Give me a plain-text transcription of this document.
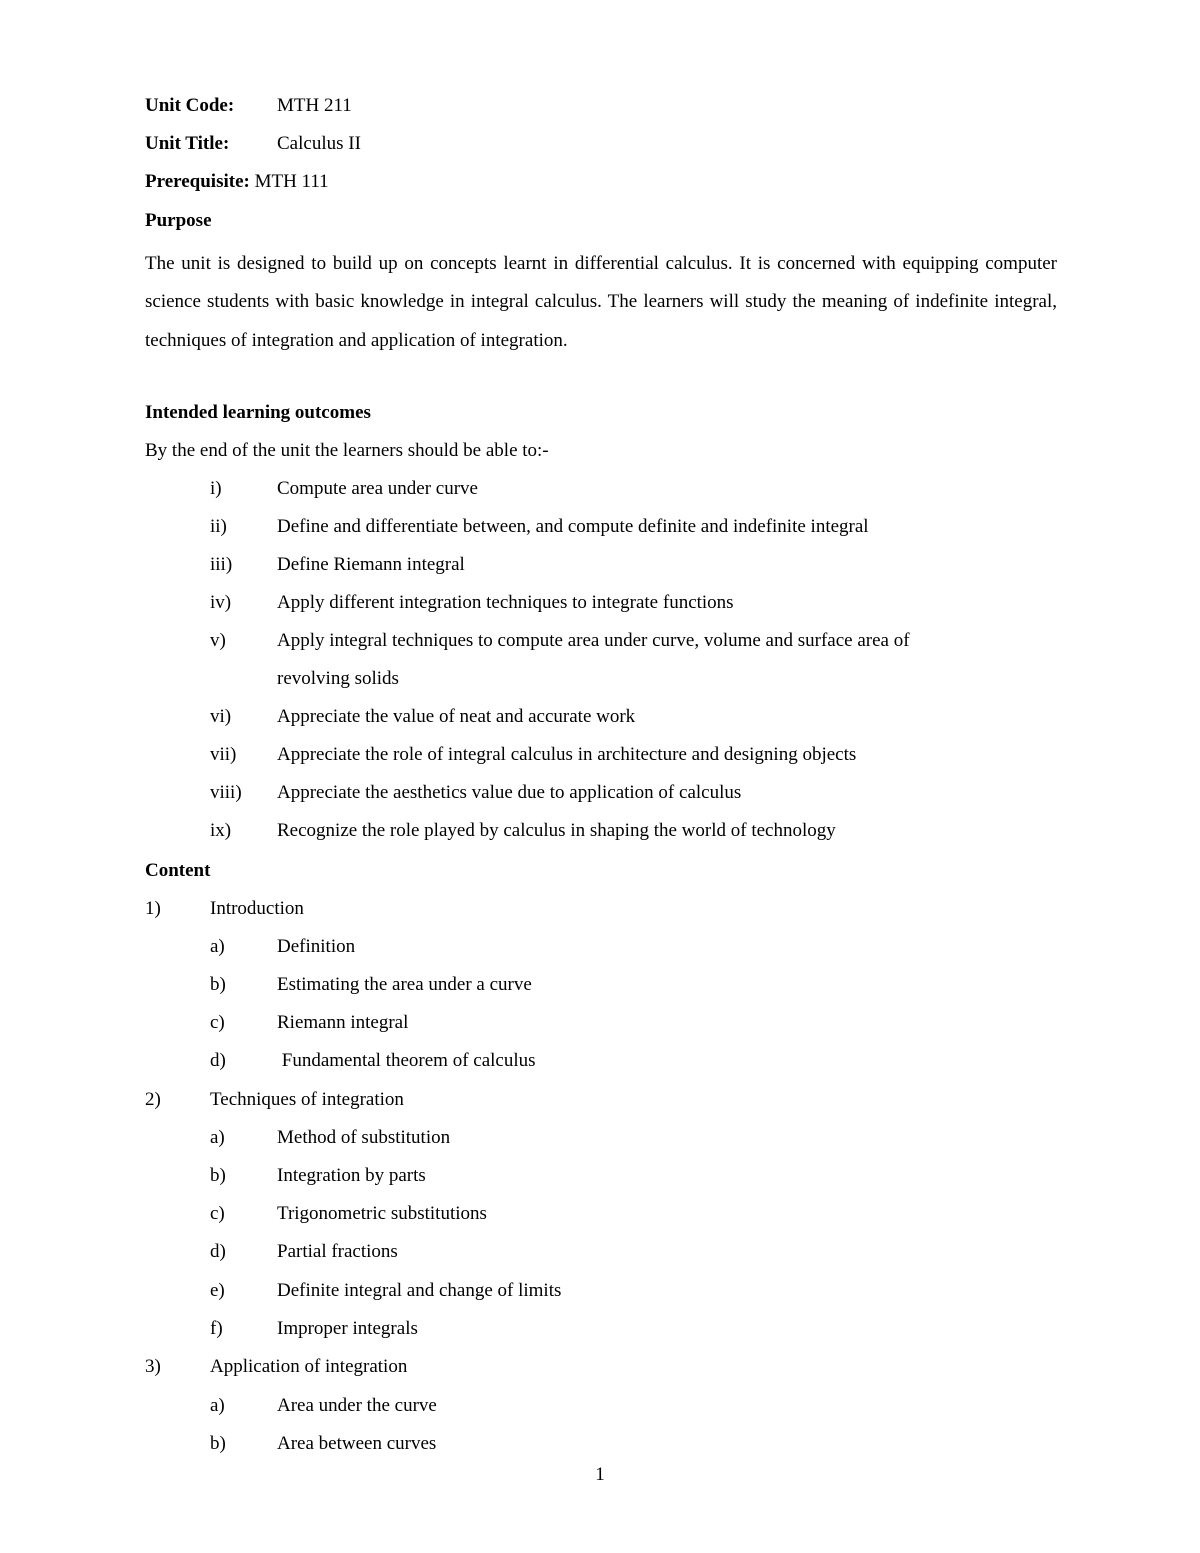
Unit Code: MTH 211
Unit Title:	Calculus II
Prerequisite: MTH 111
Purpose
The unit is designed to build up on concepts learnt in differential calculus. It is concerned with equipping computer science students with basic knowledge in integral calculus. The learners will study the meaning of indefinite integral, techniques of integration and application of integration.
Intended learning outcomes
By the end of the unit the learners should be able to:-
i)	Compute area under curve
ii)	Define and differentiate between, and compute definite and indefinite integral
iii) Define Riemann integral
iv) Apply different integration techniques to integrate functions
v)	Apply integral techniques to compute area under curve, volume and surface area of
revolving solids
vi) Appreciate the value of neat and accurate work
vii) Appreciate the role of integral calculus in architecture and designing objects
viii) Appreciate the aesthetics value due to application of calculus
ix) Recognize the role played by calculus in shaping the world of technology
Content
1)	Introduction
a)	Definition
b)	Estimating the area under a curve
c)	Riemann integral
d)	Fundamental theorem of calculus
2)	Techniques of integration
a)	Method of substitution
b)	Integration by parts
c)	Trigonometric substitutions
d)	Partial fractions
e)	Definite integral and change of limits
f)	Improper integrals
3)	Application of integration
a)	Area under the curve
b)	Area between curves
1
